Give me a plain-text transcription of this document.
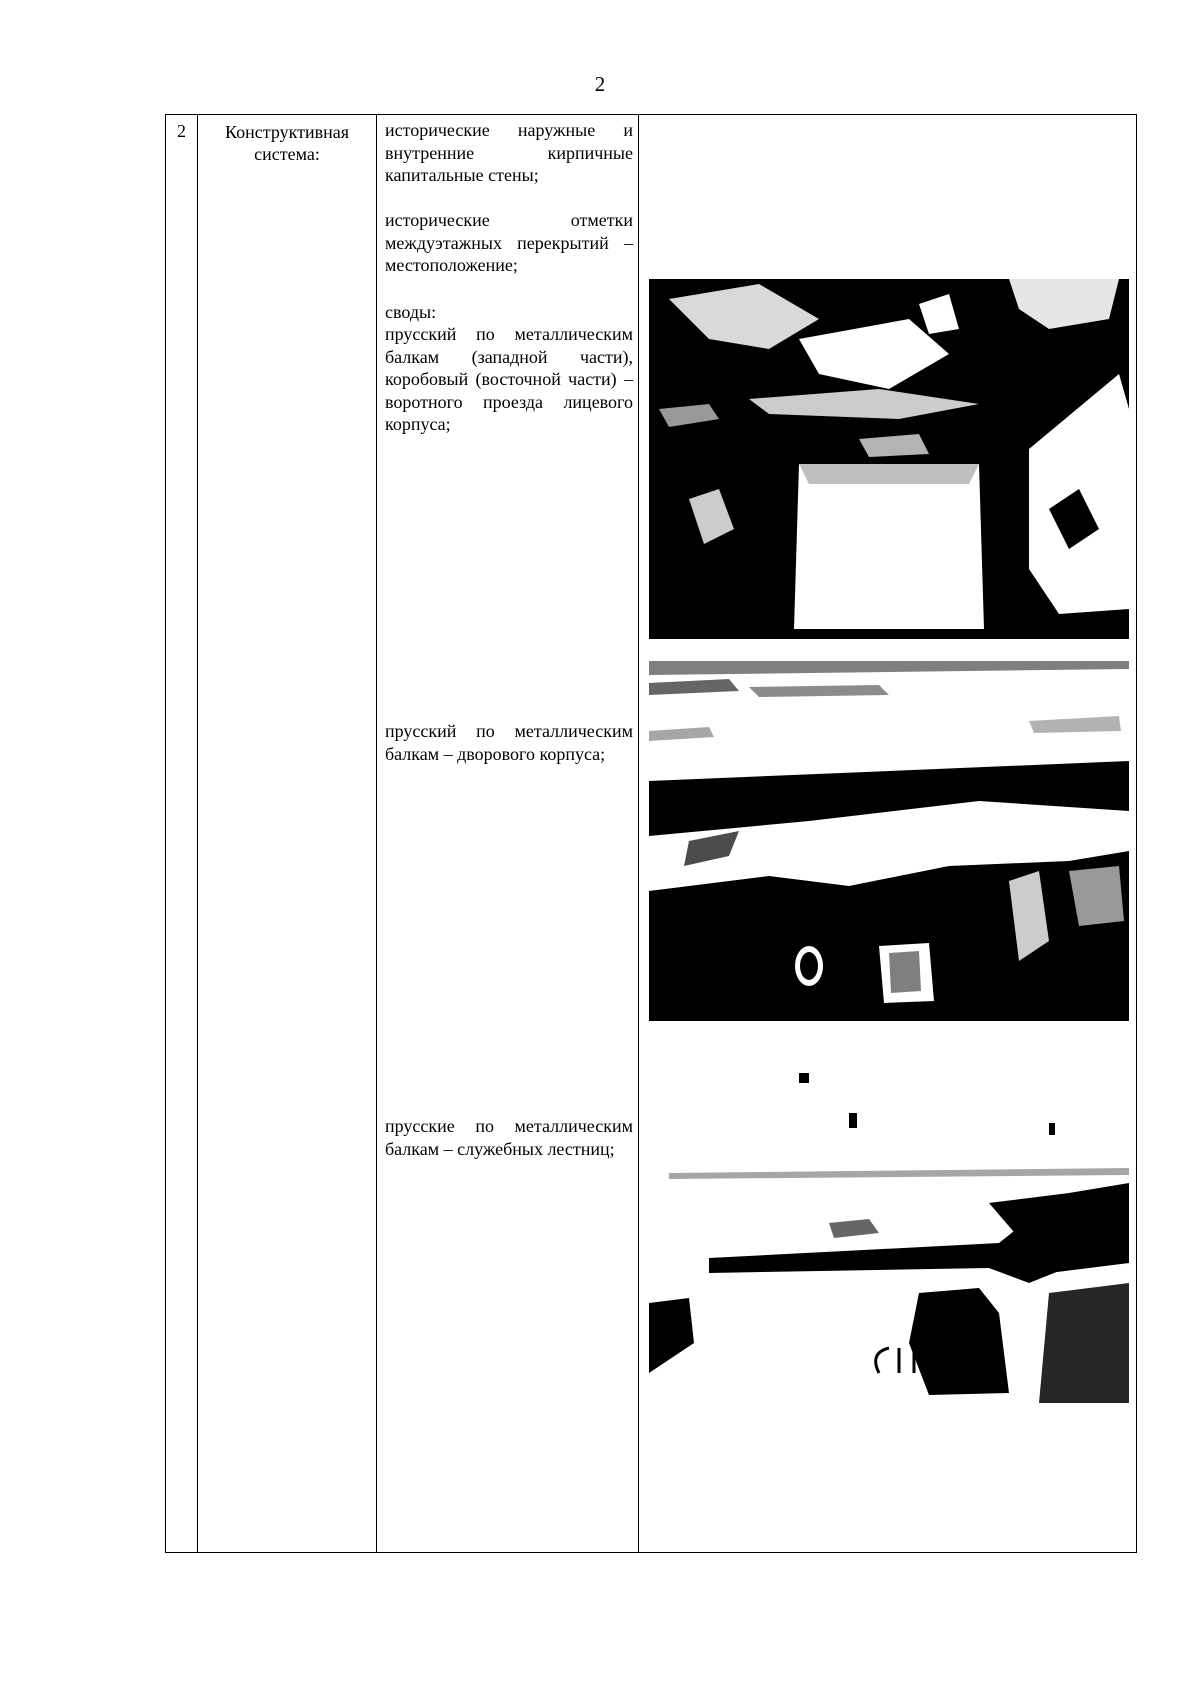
2
2	Конструктивная система:
исторические наружные и внутренние кирпичные капитальные стены;
исторические отметки междуэтажных перекрытий – местоположение;
своды:
прусский по металлическим балкам (западной части), коробовый (восточной части) – воротного проезда лицевого корпуса;
прусский по металлическим балкам – дворового корпуса;
прусские по металлическим балкам – служебных лестниц;
